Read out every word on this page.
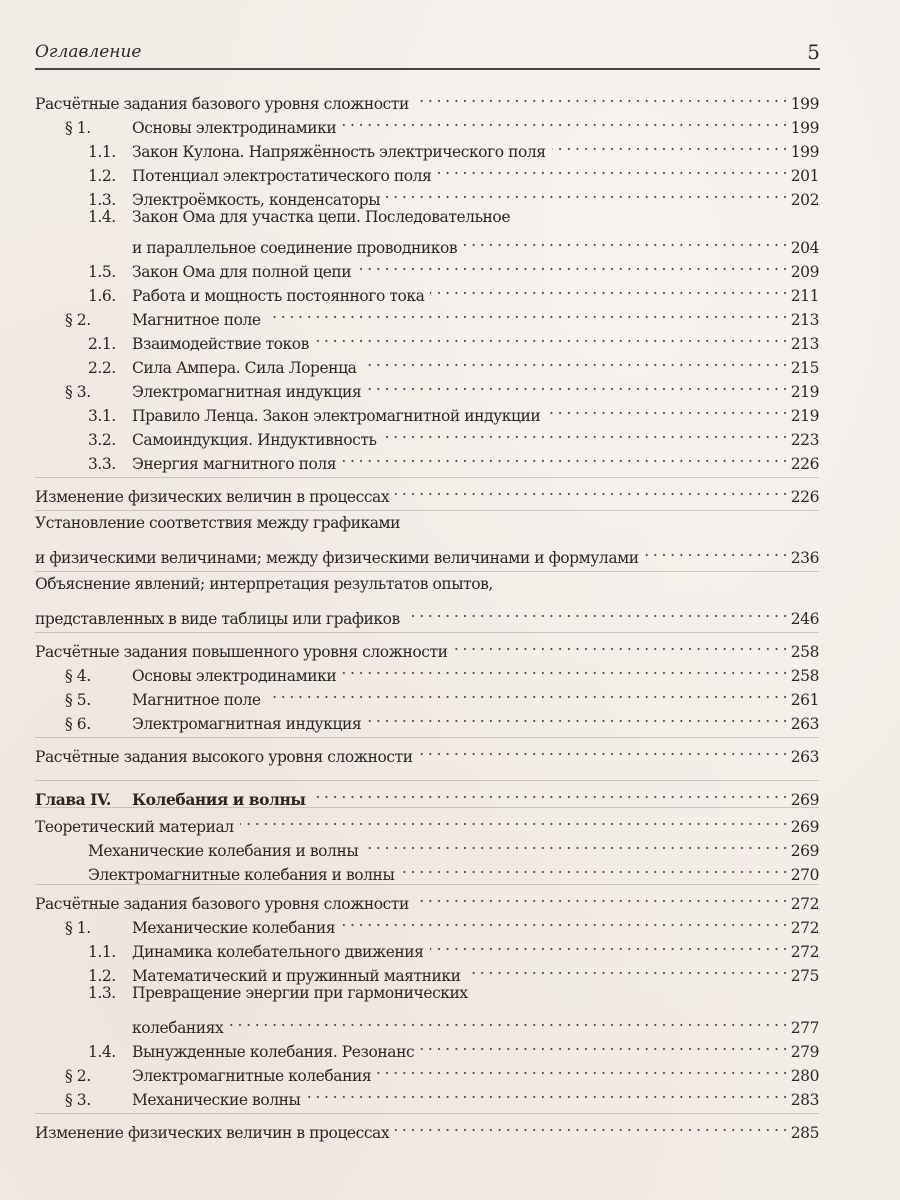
Оглавление	5
Расчётные задания базового уровня сложности . . .	199
§ 1.	Основы электродинамики . . .	199
1.1.	Закон Кулона. Напряжённость электрического поля . . .	199
1.2.	Потенциал электростатического поля . . .	201
1.3.	Электроёмкость, конденсаторы . . .	202
1.4.	Закон Ома для участка цепи. Последовательное
и параллельное соединение проводников . . .	204
1.5.	Закон Ома для полной цепи . . .	209
1.6.	Работа и мощность постоянного тока . . .	211
§ 2.	Магнитное поле . . .	213
2.1.	Взаимодействие токов . . .	213
2.2.	Сила Ампера. Сила Лоренца . . .	215
§ 3.	Электромагнитная индукция . . .	219
3.1.	Правило Ленца. Закон электромагнитной индукции . . .	219
3.2.	Самоиндукция. Индуктивность . . .	223
3.3.	Энергия магнитного поля . . .	226
Изменение физических величин в процессах . . .	226
Установление соответствия между графиками
и физическими величинами; между физическими величинами и формулами . . .	236
Объяснение явлений; интерпретация результатов опытов,
представленных в виде таблицы или графиков . . .	246
Расчётные задания повышенного уровня сложности . . .	258
§ 4.	Основы электродинамики . . .	258
§ 5.	Магнитное поле . . .	261
§ 6.	Электромагнитная индукция . . .	263
Расчётные задания высокого уровня сложности . . .	263
Глава IV.	Колебания и волны . . .	269
Теоретический материал . . .	269
Механические колебания и волны . . .	269
Электромагнитные колебания и волны . . .	270
Расчётные задания базового уровня сложности . . .	272
§ 1.	Механические колебания . . .	272
1.1.	Динамика колебательного движения . . .	272
1.2.	Математический и пружинный маятники . . .	275
1.3.	Превращение энергии при гармонических
колебаниях . . .	277
1.4.	Вынужденные колебания. Резонанс . . .	279
§ 2.	Электромагнитные колебания . . .	280
§ 3.	Механические волны . . .	283
Изменение физических величин в процессах . . .	285
